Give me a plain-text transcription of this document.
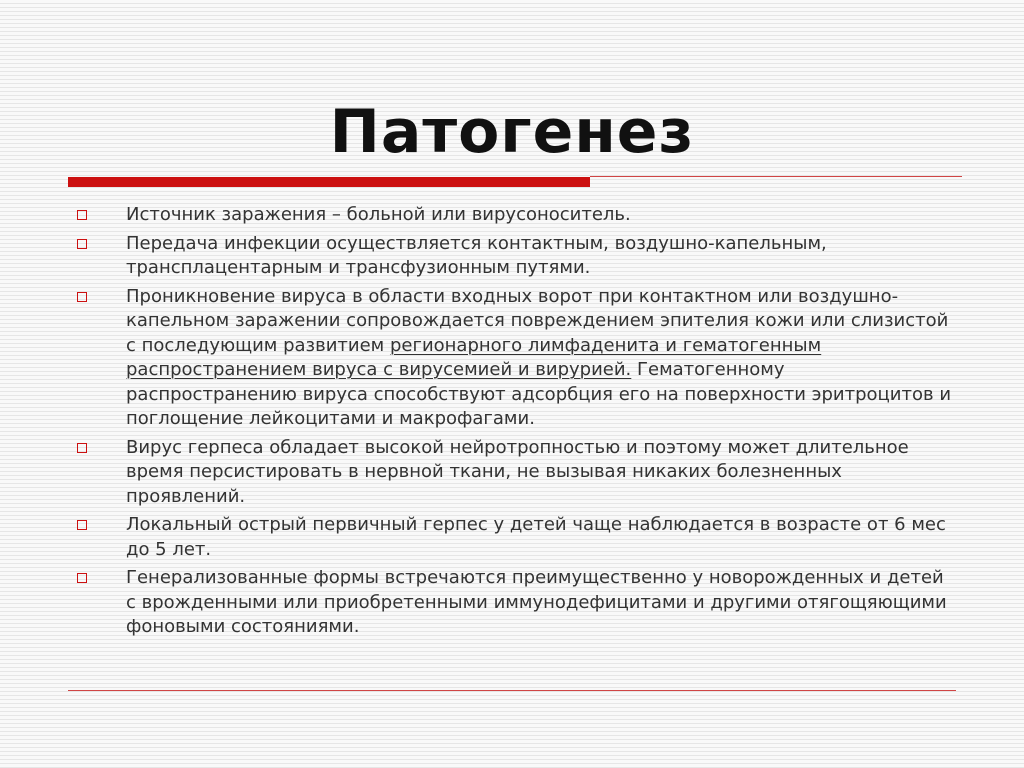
Патогенез
Источник заражения – больной или вирусоноситель.
Передача инфекции осуществляется контактным, воздушно-капельным, трансплацентарным и трансфузионным путями.
Проникновение вируса в области входных ворот при контактном или воздушно-капельном заражении сопровождается повреждением эпителия кожи или слизистой с последующим развитием регионарного лимфаденита и гематогенным распространением вируса с вирусемией и вирурией. Гематогенному распространению вируса способствуют адсорбция его на поверхности эритроцитов и поглощение лейкоцитами и макрофагами.
Вирус герпеса обладает высокой нейротропностью и поэтому может длительное время персистировать в нервной ткани, не вызывая никаких болезненных проявлений.
Локальный острый первичный герпес у детей чаще наблюдается в возрасте от 6 мес до 5 лет.
Генерализованные формы встречаются преимущественно у новорожденных и детей с врожденными или приобретенными иммунодефицитами и другими отягощяющими фоновыми состояниями.
